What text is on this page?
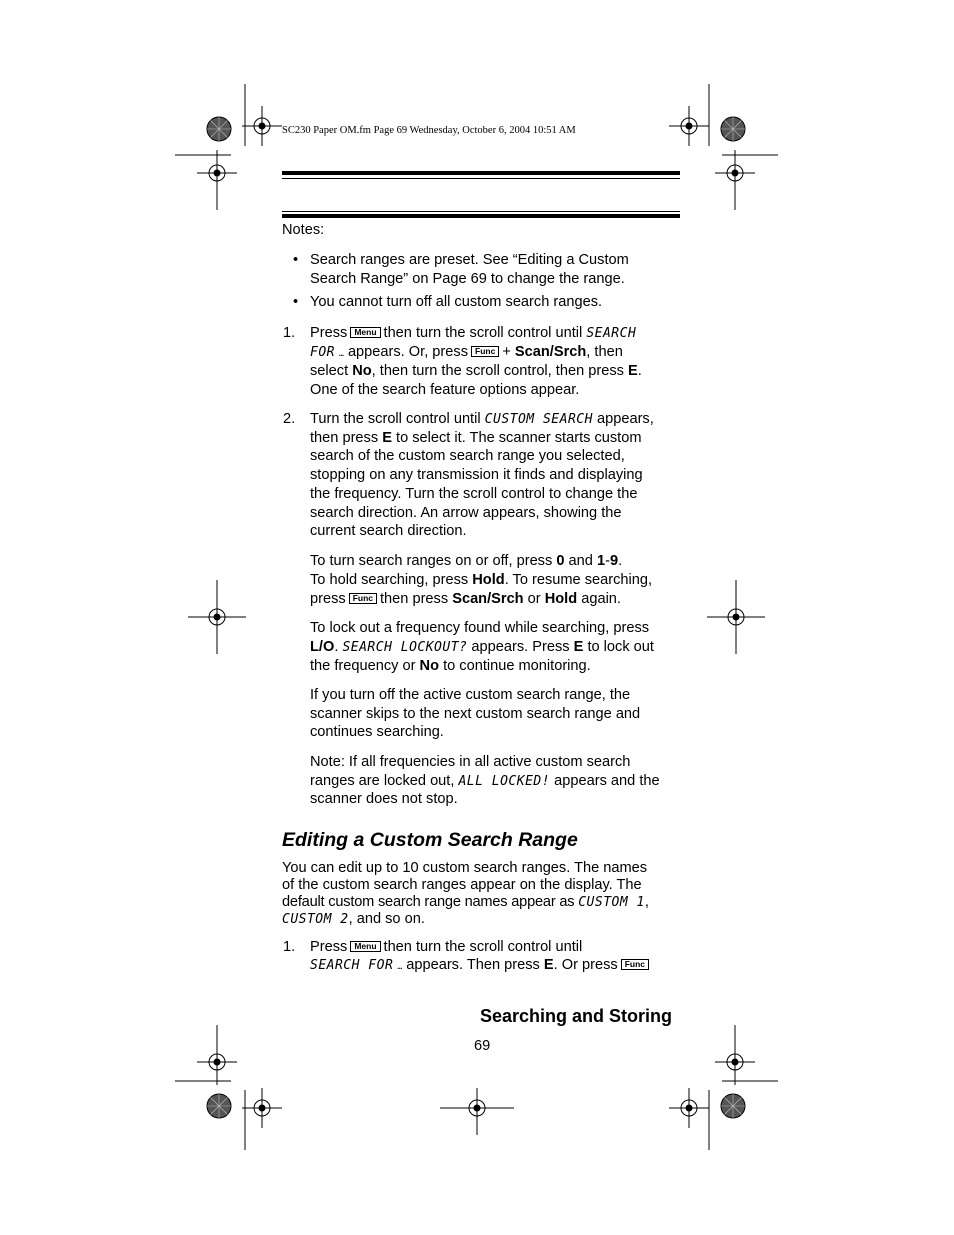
SC230 Paper OM.fm Page 69 Wednesday, October 6, 2004 10:51 AM
Notes:
• Search ranges are preset. See “Editing a Custom
Search Range” on Page 69 to change the range.
• You cannot turn off all custom search ranges.
1. Press Menu then turn the scroll control until SEARCH
FOR … appears. Or, press Func + Scan/Srch, then
select No, then turn the scroll control, then press E.
One of the search feature options appear.
2. Turn the scroll control until CUSTOM SEARCH appears,
then press E to select it. The scanner starts custom
search of the custom search range you selected,
stopping on any transmission it finds and displaying
the frequency. Turn the scroll control to change the
search direction. An arrow appears, showing the
current search direction.
To turn search ranges on or off, press 0 and 1-9.
To hold searching, press Hold. To resume searching,
press Func then press Scan/Srch or Hold again.
To lock out a frequency found while searching, press
L/O. SEARCH LOCKOUT? appears. Press E to lock out
the frequency or No to continue monitoring.
If you turn off the active custom search range, the
scanner skips to the next custom search range and
continues searching.
Note: If all frequencies in all active custom search
ranges are locked out, ALL LOCKED! appears and the
scanner does not stop.
Editing a Custom Search Range
You can edit up to 10 custom search ranges. The names
of the custom search ranges appear on the display. The
default custom search range names appear as CUSTOM 1,
CUSTOM 2, and so on.
1. Press Menu then turn the scroll control until
SEARCH FOR … appears. Then press E. Or press Func
Searching and Storing
69
